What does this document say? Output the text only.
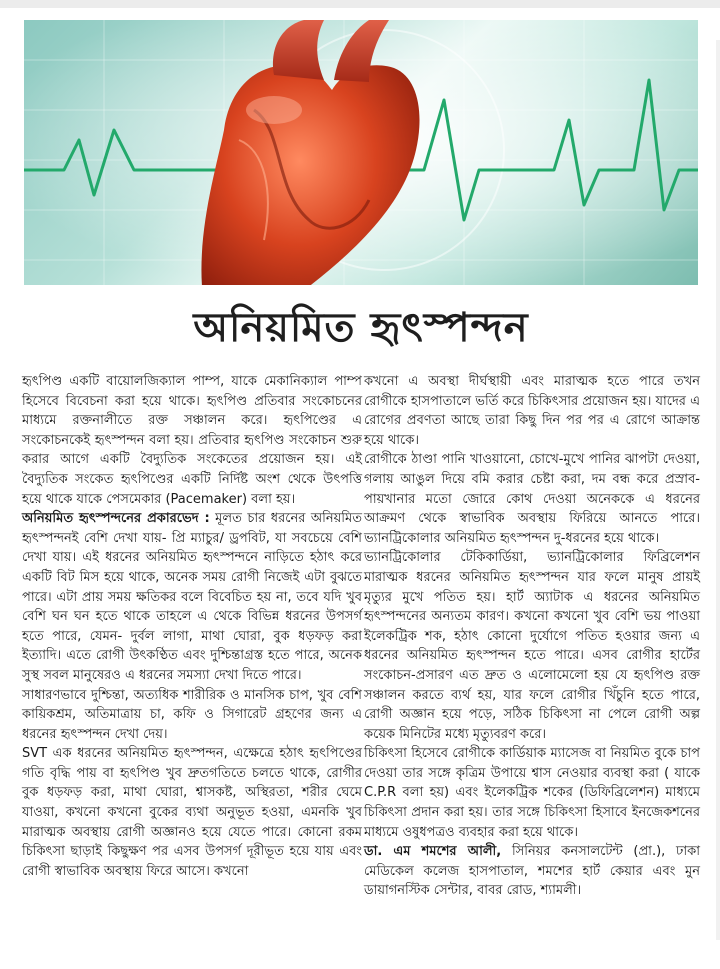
অনিয়মিত হৃৎস্পন্দন

হৃৎপিণ্ড একটি বায়োলজিক্যাল পাম্প, যাকে মেকানিক্যাল পাম্প হিসেবে বিবেচনা করা হয়ে থাকে। হৃৎপিণ্ড প্রতিবার সংকোচনের মাধ্যমে রক্তনালীতে রক্ত সঞ্চালন করে। হৃৎপিণ্ডের এ সংকোচনকেই হৃৎস্পন্দন বলা হয়। প্রতিবার হৃৎপিণ্ড সংকোচন শুরু করার আগে একটি বৈদ্যুতিক সংকেতের প্রয়োজন হয়। এই বৈদ্যুতিক সংকেত হৃৎপিণ্ডের একটি নির্দিষ্ট অংশ থেকে উৎপত্তি হয়ে থাকে যাকে পেসমেকার (Pacemaker) বলা হয়।

অনিয়মিত হৃৎস্পন্দনের প্রকারভেদ : মূলত চার ধরনের অনিয়মিত হৃৎস্পন্দনই বেশি দেখা যায়- প্রি ম্যাচুর/ ড্রপবিট, যা সবচেয়ে বেশি দেখা যায়। এই ধরনের অনিয়মিত হৃৎস্পন্দনে নাড়িতে হঠাৎ করে একটি বিট মিস হয়ে থাকে, অনেক সময় রোগী নিজেই এটা বুঝতে পারে। এটা প্রায় সময় ক্ষতিকর বলে বিবেচিত হয় না, তবে যদি খুব বেশি ঘন ঘন হতে থাকে তাহলে এ থেকে বিভিন্ন ধরনের উপসর্গ হতে পারে, যেমন- দুর্বল লাগা, মাথা ঘোরা, বুক ধড়ফড় করা ইত্যাদি। এতে রোগী উৎকণ্ঠিত এবং দুশ্চিন্তাগ্রস্ত হতে পারে, অনেক সুস্থ সবল মানুষেরও এ ধরনের সমস্যা দেখা দিতে পারে।

সাধারণভাবে দুশ্চিন্তা, অত্যধিক শারীরিক ও মানসিক চাপ, খুব বেশি কায়িকশ্রম, অতিমাত্রায় চা, কফি ও সিগারেট গ্রহণের জন্য এ ধরনের হৃৎস্পন্দন দেখা দেয়।

SVT এক ধরনের অনিয়মিত হৃৎস্পন্দন, এক্ষেত্রে হঠাৎ হৃৎপিণ্ডের গতি বৃদ্ধি পায় বা হৃৎপিণ্ড খুব দ্রুতগতিতে চলতে থাকে, রোগীর বুক ধড়ফড় করা, মাথা ঘোরা, শ্বাসকষ্ট, অস্থিরতা, শরীর ঘেমে যাওয়া, কখনো কখনো বুকের ব্যথা অনুভূত হওয়া, এমনকি খুব মারাত্মক অবস্থায় রোগী অজ্ঞানও হয়ে যেতে পারে। কোনো রকম চিকিৎসা ছাড়াই কিছুক্ষণ পর এসব উপসর্গ দূরীভূত হয়ে যায় এবং রোগী স্বাভাবিক অবস্থায় ফিরে আসে। কখনো

কখনো এ অবস্থা দীর্ঘস্থায়ী এবং মারাত্মক হতে পারে তখন রোগীকে হাসপাতালে ভর্তি করে চিকিৎসার প্রয়োজন হয়। যাদের এ রোগের প্রবণতা আছে তারা কিছু দিন পর পর এ রোগে আক্রান্ত হয়ে থাকে।

রোগীকে ঠাণ্ডা পানি খাওয়ানো, চোখে-মুখে পানির ঝাপটা দেওয়া, গলায় আঙুল দিয়ে বমি করার চেষ্টা করা, দম বন্ধ করে প্রস্রাব-পায়খানার মতো জোরে কোথ দেওয়া অনেককে এ ধরনের আক্রমণ থেকে স্বাভাবিক অবস্থায় ফিরিয়ে আনতে পারে। ভ্যানট্রিকোলার অনিয়মিত হৃৎস্পন্দন দু-ধরনের হয়ে থাকে।

ভ্যানট্রিকোলার টেকিকার্ডিয়া, ভ্যানট্রিকোলার ফিব্রিলেশন মারাত্মক ধরনের অনিয়মিত হৃৎস্পন্দন যার ফলে মানুষ প্রায়ই মৃত্যুর মুখে পতিত হয়। হার্ট অ্যাটাক এ ধরনের অনিয়মিত হৃৎস্পন্দনের অন্যতম কারণ। কখনো কখনো খুব বেশি ভয় পাওয়া ইলেকট্রিক শক, হঠাৎ কোনো দুর্যোগে পতিত হওয়ার জন্য এ ধরনের অনিয়মিত হৃৎস্পন্দন হতে পারে। এসব রোগীর হার্টের সংকোচন-প্রসারণ এত দ্রুত ও এলোমেলো হয় যে হৃৎপিণ্ড রক্ত সঞ্চালন করতে ব্যর্থ হয়, যার ফলে রোগীর খিঁচুনি হতে পারে, রোগী অজ্ঞান হয়ে পড়ে, সঠিক চিকিৎসা না পেলে রোগী অল্প কয়েক মিনিটের মধ্যে মৃত্যুবরণ করে।

চিকিৎসা হিসেবে রোগীকে কার্ডিয়াক ম্যাসেজ বা নিয়মিত বুকে চাপ দেওয়া তার সঙ্গে কৃত্রিম উপায়ে শ্বাস নেওয়ার ব্যবস্থা করা ( যাকে C.P.R বলা হয়) এবং ইলেকট্রিক শকের (ডিফিব্রিলেশন) মাধ্যমে চিকিৎসা প্রদান করা হয়। তার সঙ্গে চিকিৎসা হিসাবে ইনজেকশনের মাধ্যমে ওষুধপত্রও ব্যবহার করা হয়ে থাকে।

ডা. এম শমশের আলী, সিনিয়র কনসালটেন্ট (প্রা.), ঢাকা মেডিকেল কলেজ হাসপাতাল, শমশের হার্ট কেয়ার এবং মুন ডায়াগনস্টিক সেন্টার, বাবর রোড, শ্যামলী।
